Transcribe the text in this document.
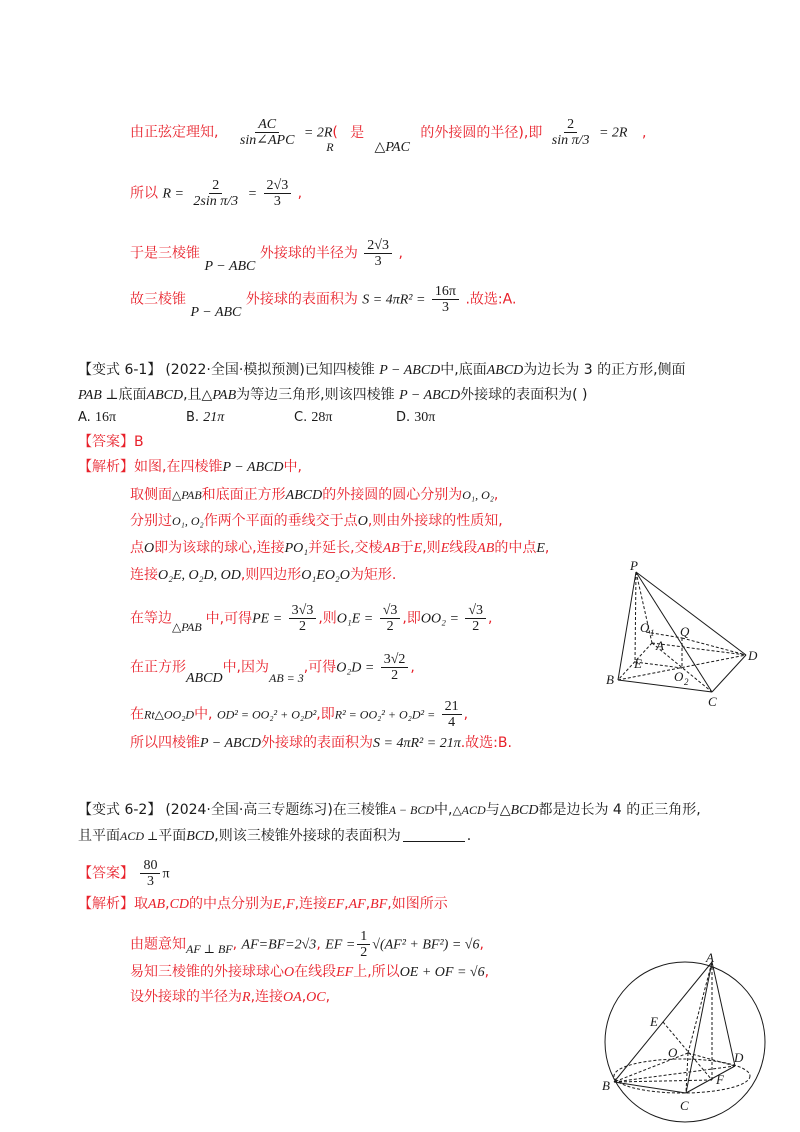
由正弦定理知, $\frac{AC}{\text{sin∠APC}} = 2R$( R 是 △PAC 的外接圆的半径),即 $\frac{2}{\text{sin π/3}} = 2R$ ,
所以 $R = \frac{2}{\text{2sin π/3}} = \frac{2√3}{3}$ ,
于是三棱锥 P − ABC 外接球的半径为 $\frac{2√3}{3}$ ,
故三棱锥 P − ABC 外接球的表面积为 $S = 4\pi R^2 = \frac{16\pi}{3}$ .故选:A.
【变式 6-1】 (2022·全国·模拟预测)已知四棱锥 P − ABCD中,底面ABCD为边长为 3 的正方形,侧面
PAB ⊥底面ABCD,且△PAB为等边三角形,则该四棱锥 P − ABCD外接球的表面积为( )
A. 16π	B. 21π	C. 28π	D. 30π
【答案】B
【解析】如图,在四棱锥P − ABCD中,
取侧面△PAB和底面正方形ABCD的外接圆的圆心分别为O₁, O₂,
分别过O₁, O₂作两个平面的垂线交于点O,则由外接球的性质知,
点O即为该球的球心,连接PO₁并延长,交棱AB于E,则E线段AB的中点E,
连接O₂E, O₂D, OD,则四边形O₁EO₂O为矩形.
在等边△PAB 中,可得PE = $\frac{3√3}{2}$ ,则$O_1E = \frac{√3}{2}$ ,即$OO_2 = \frac{√3}{2}$ ,
在正方形ABCD中,因为AB = 3,可得$O_2D = \frac{3√2}{2}$ ,
在Rt△OO₂D中, OD² = OO₂² + O₂D²,即$R^2 = OO_2^2 + O_2D^2 = \frac{21}{4}$ ,
所以四棱锥P − ABCD外接球的表面积为S = 4πR² = 21π.故选:B.
P
O 1 Q
A
E
O 2
D
B
C
【变式 6-2】 (2024·全国·高三专题练习)在三棱锥A − BCD中,△ACD与△BCD都是边长为 4 的正三角形,
且平面ACD ⊥平面BCD,则该三棱锥外接球的表面积为	.
【答案】 $\frac{80}{3}$ π
【解析】取AB,CD的中点分别为E,F,连接EF,AF,BF,如图所示
由题意知AF ⊥ BF, AF=BF=2√3, EF = $\frac{1}{2} √(AF^2 + BF^2) = √6$,
易知三棱锥的外接球球心O在线段EF上,所以OE + OF = √6,
设外接球的半径为R,连接OA,OC,
A
E
O	D
B	F
C
